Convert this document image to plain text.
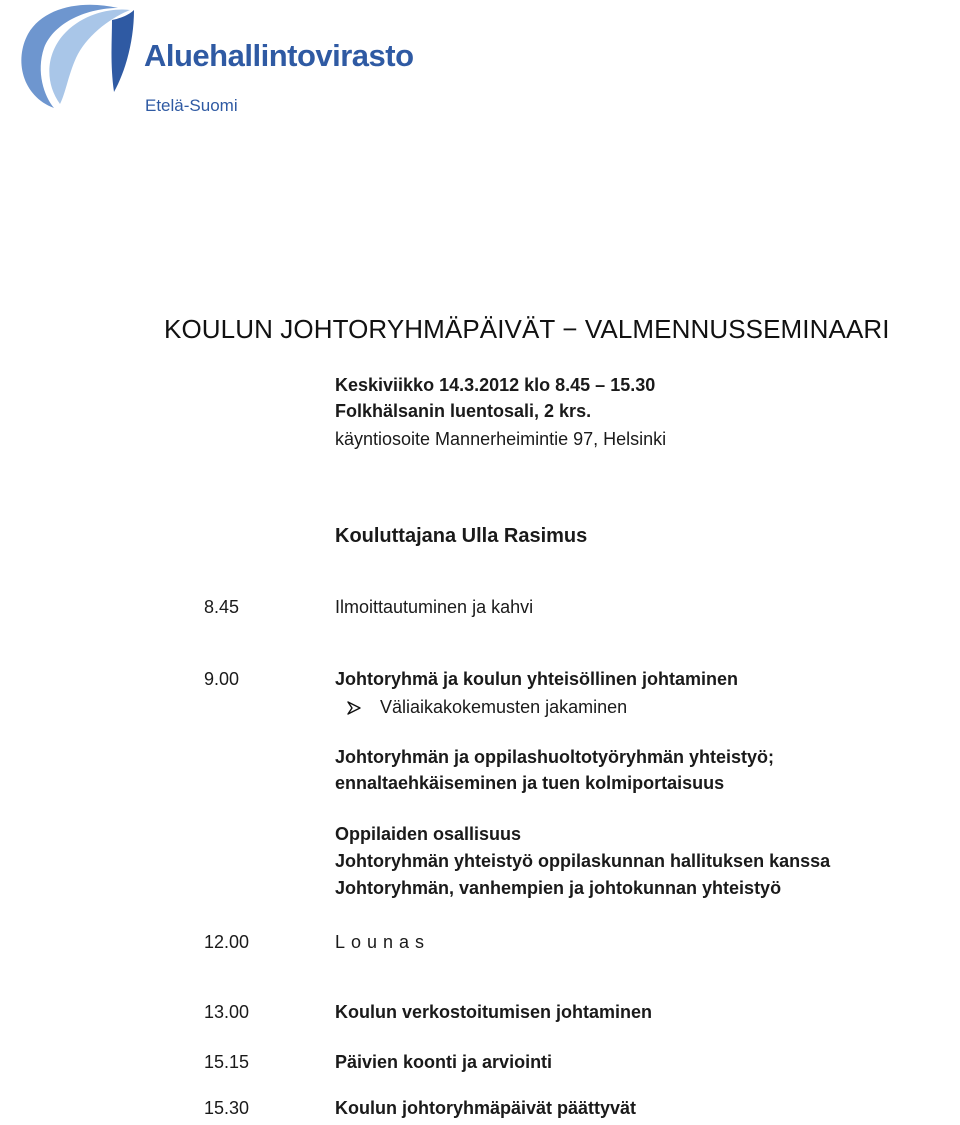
Aluehallintovirasto
Etelä-Suomi
KOULUN JOHTORYHMÄPÄIVÄT − VALMENNUSSEMINAARI
Keskiviikko 14.3.2012 klo 8.45 – 15.30
Folkhälsanin luentosali, 2 krs.
käyntiosoite Mannerheimintie 97, Helsinki
Kouluttajana Ulla Rasimus
8.45	Ilmoittautuminen ja kahvi
9.00	Johtoryhmä ja koulun yhteisöllinen johtaminen
Väliaikakokemusten jakaminen
Johtoryhmän ja oppilashuoltotyöryhmän yhteistyö;
ennaltaehkäiseminen ja tuen kolmiportaisuus
Oppilaiden osallisuus
Johtoryhmän yhteistyö oppilaskunnan hallituksen kanssa
Johtoryhmän, vanhempien ja johtokunnan yhteistyö
12.00	Lounas
13.00	Koulun verkostoitumisen johtaminen
15.15	Päivien koonti ja arviointi
15.30	Koulun johtoryhmäpäivät päättyvät
